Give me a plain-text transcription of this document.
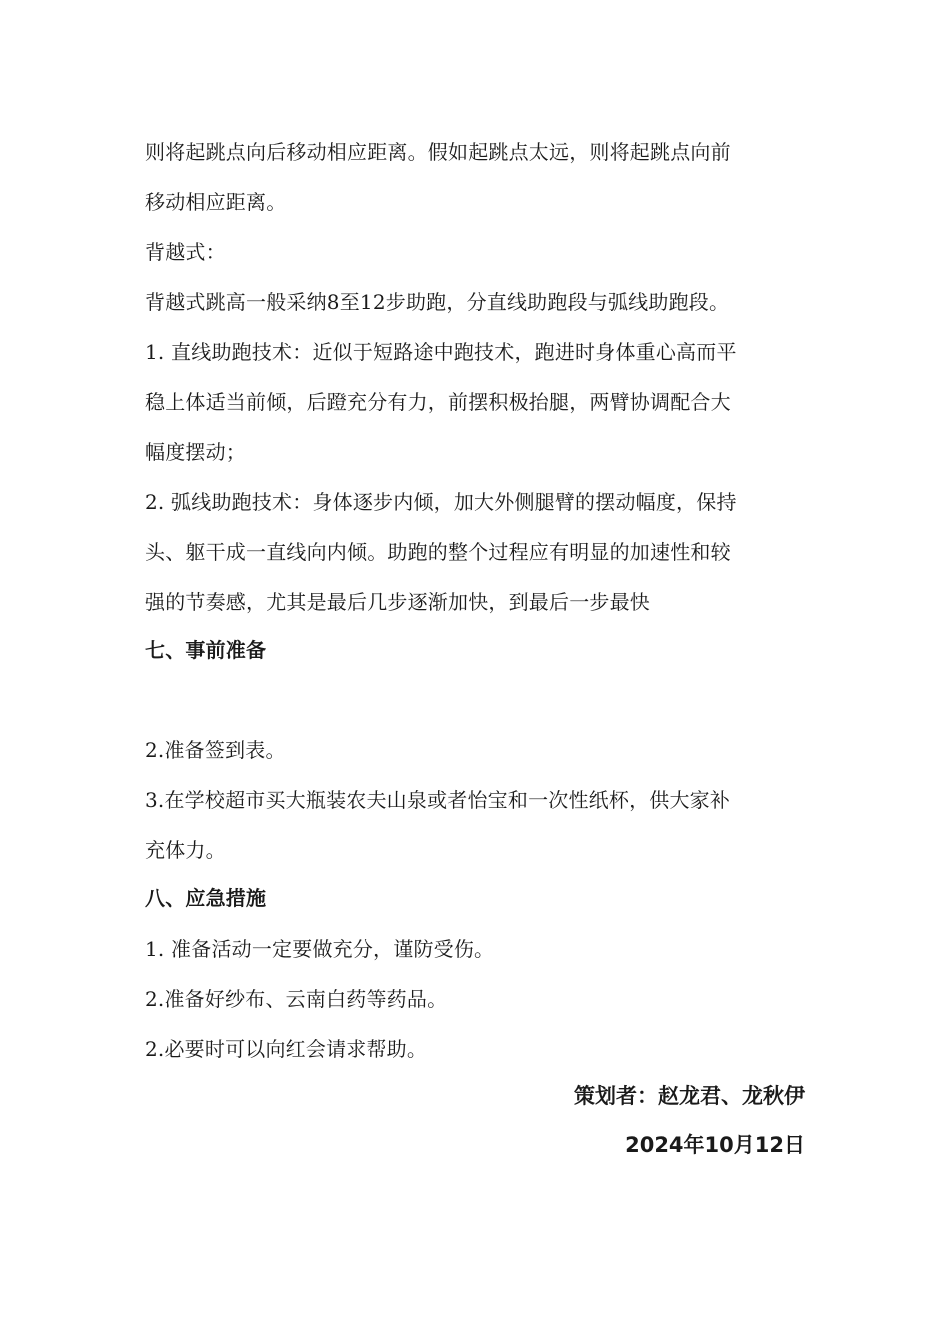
则将起跳点向后移动相应距离。假如起跳点太远，则将起跳点向前
移动相应距离。
背越式：
背越式跳高一般采纳8至12步助跑，分直线助跑段与弧线助跑段。
1. 直线助跑技术：近似于短路途中跑技术，跑进时身体重心高而平
稳上体适当前倾，后蹬充分有力，前摆积极抬腿，两臂协调配合大
幅度摆动；
2. 弧线助跑技术：身体逐步内倾，加大外侧腿臂的摆动幅度，保持
头、躯干成一直线向内倾。助跑的整个过程应有明显的加速性和较
强的节奏感，尤其是最后几步逐渐加快，到最后一步最快
七、事前准备
2.准备签到表。
3.在学校超市买大瓶装农夫山泉或者怡宝和一次性纸杯，供大家补
充体力。
八、应急措施
1. 准备活动一定要做充分，谨防受伤。
2.准备好纱布、云南白药等药品。
2.必要时可以向红会请求帮助。
策划者：赵龙君、龙秋伊
2024年10月12日
